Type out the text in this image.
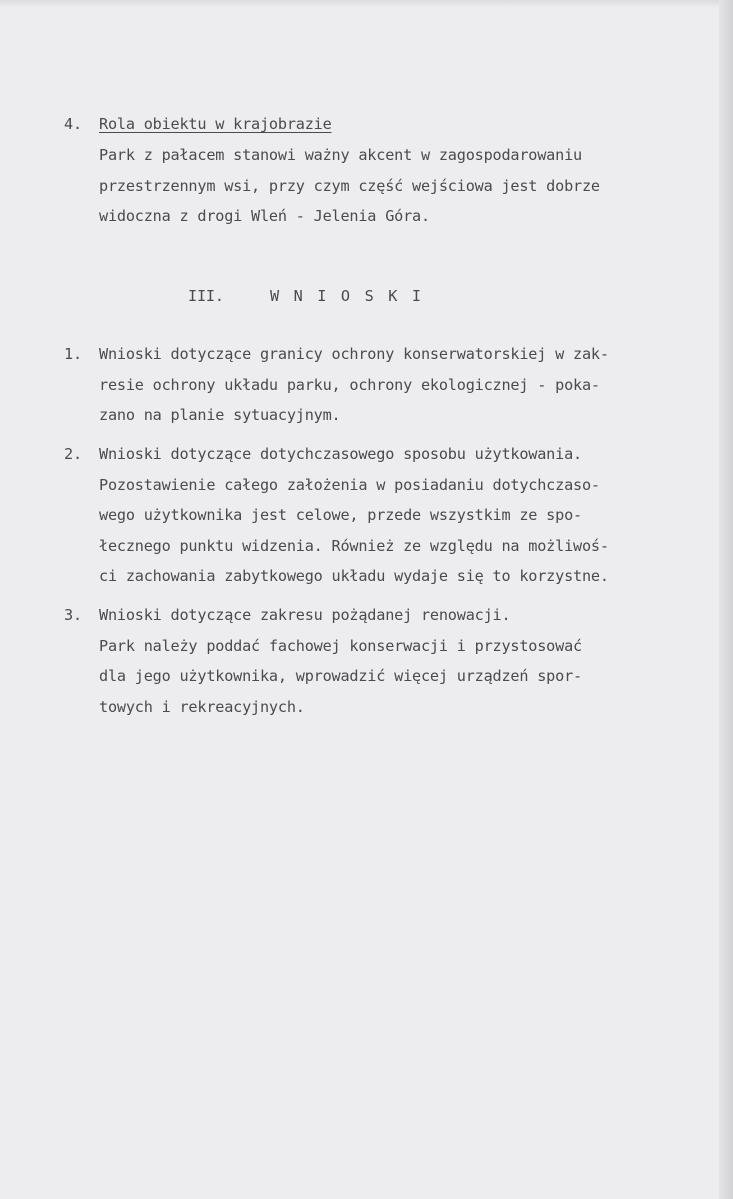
4. Rola obiektu w krajobrazie
Park z pałacem stanowi ważny akcent w zagospodarowaniu
przestrzennym wsi, przy czym część wejściowa jest dobrze
widoczna z drogi Wleń - Jelenia Góra.
III.	WNIOSKI
1. Wnioski dotyczące granicy ochrony konserwatorskiej w zak-
resie ochrony układu parku, ochrony ekologicznej - poka-
zano na planie sytuacyjnym.
2. Wnioski dotyczące dotychczasowego sposobu użytkowania.
Pozostawienie całego założenia w posiadaniu dotychczaso-
wego użytkownika jest celowe, przede wszystkim ze spo-
łecznego punktu widzenia. Również ze względu na możliwoś-
ci zachowania zabytkowego układu wydaje się to korzystne.
3. Wnioski dotyczące zakresu pożądanej renowacji.
Park należy poddać fachowej konserwacji i przystosować
dla jego użytkownika, wprowadzić więcej urządzeń spor-
towych i rekreacyjnych.
